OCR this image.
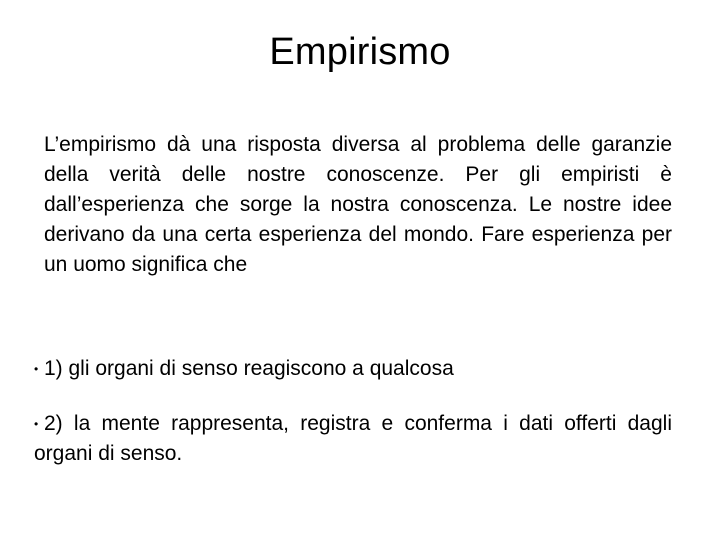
Empirismo

L’empirismo dà una risposta diversa al problema delle garanzie della verità delle nostre conoscenze. Per gli empiristi è dall’esperienza che sorge la nostra conoscenza. Le nostre idee derivano da una certa esperienza del mondo. Fare esperienza per un uomo significa che

• 1) gli organi di senso reagiscono a qualcosa

• 2) la mente rappresenta, registra e conferma i dati offerti dagli organi di senso.
